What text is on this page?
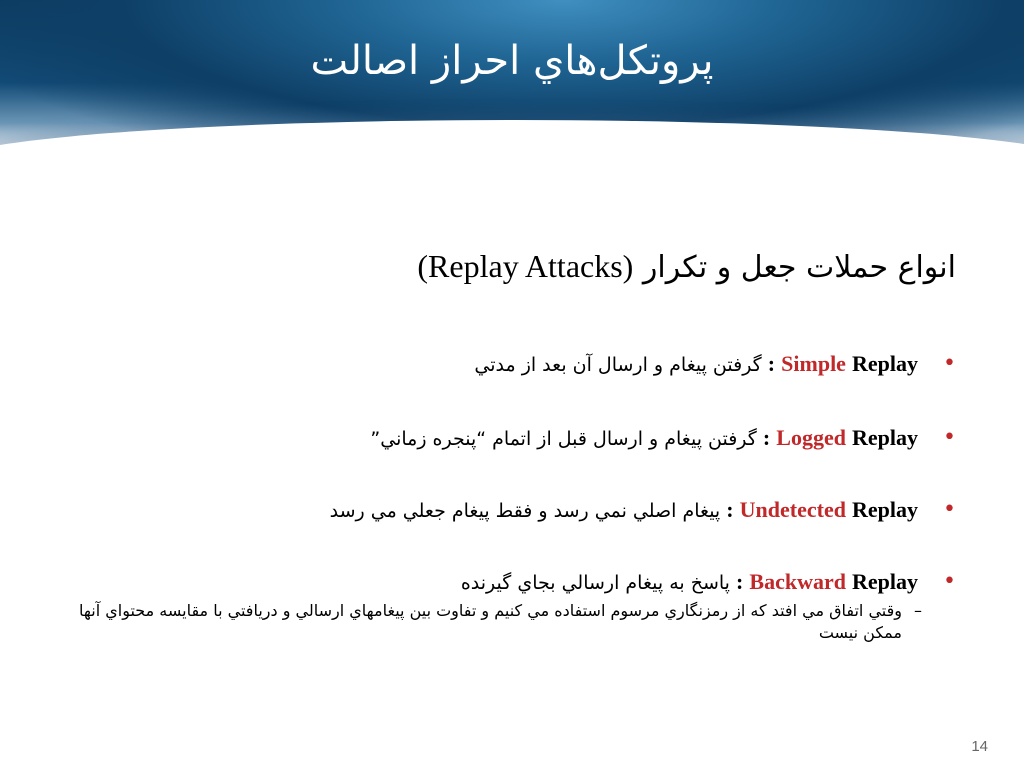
پروتکل‌هاي احراز اصالت
انواع حملات جعل و تکرار (Replay Attacks)
•
Simple Replay : گرفتن پيغام و ارسال آن بعد از مدتي
•
Logged Replay : گرفتن پيغام و ارسال قبل از اتمام “پنجره زماني”
•
Undetected Replay : پيغام اصلي نمي رسد و فقط پيغام جعلي مي رسد
•
Backward Replay : پاسخ به پيغام ارسالي بجاي گيرنده
–
وقتي اتفاق مي افتد که از رمزنگاري مرسوم استفاده مي کنيم و تفاوت بين پيغامهاي ارسالي و دريافتي با مقايسه محتواي آنها ممکن نيست
14
